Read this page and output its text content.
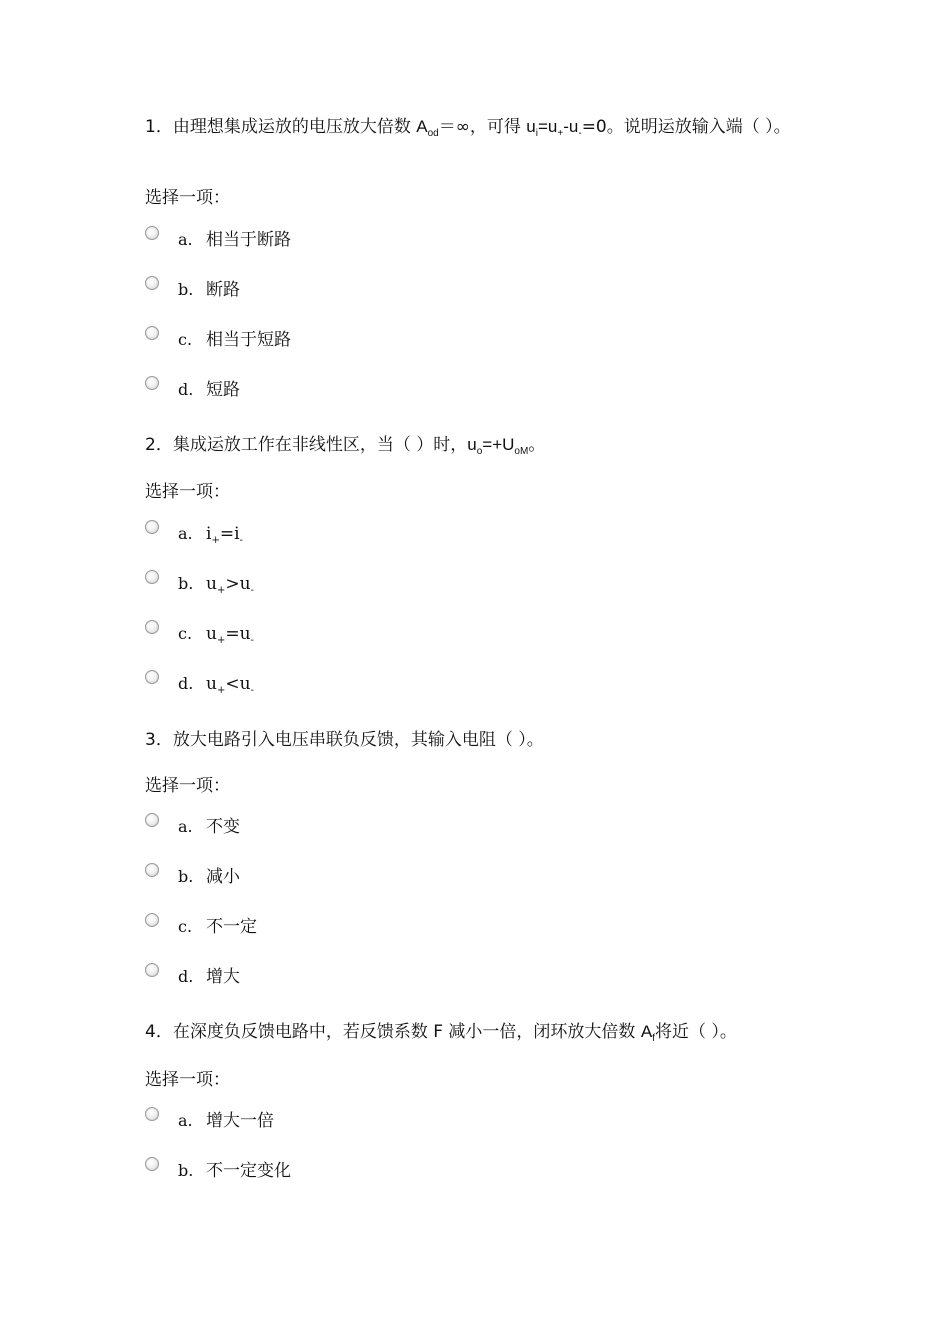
1．由理想集成运放的电压放大倍数 $A_{od}=\infty$，可得 $u_i=u_+-u_-=0$。说明运放输入端（ ）。
选择一项：
a. 相当于断路
b. 断路
c. 相当于短路
d. 短路
2．集成运放工作在非线性区，当（ ）时，$u_o=+U_{oM}$。
选择一项：
a. $i_+=i_-$
b. $u_+>u_-$
c. $u_+=u_-$
d. $u_+<u_-$
3．放大电路引入电压串联负反馈，其输入电阻（ ）。
选择一项：
a. 不变
b. 减小
c. 不一定
d. 增大
4．在深度负反馈电路中，若反馈系数 F 减小一倍，闭环放大倍数 $A_f$将近（ ）。
选择一项：
a. 增大一倍
b. 不一定变化
